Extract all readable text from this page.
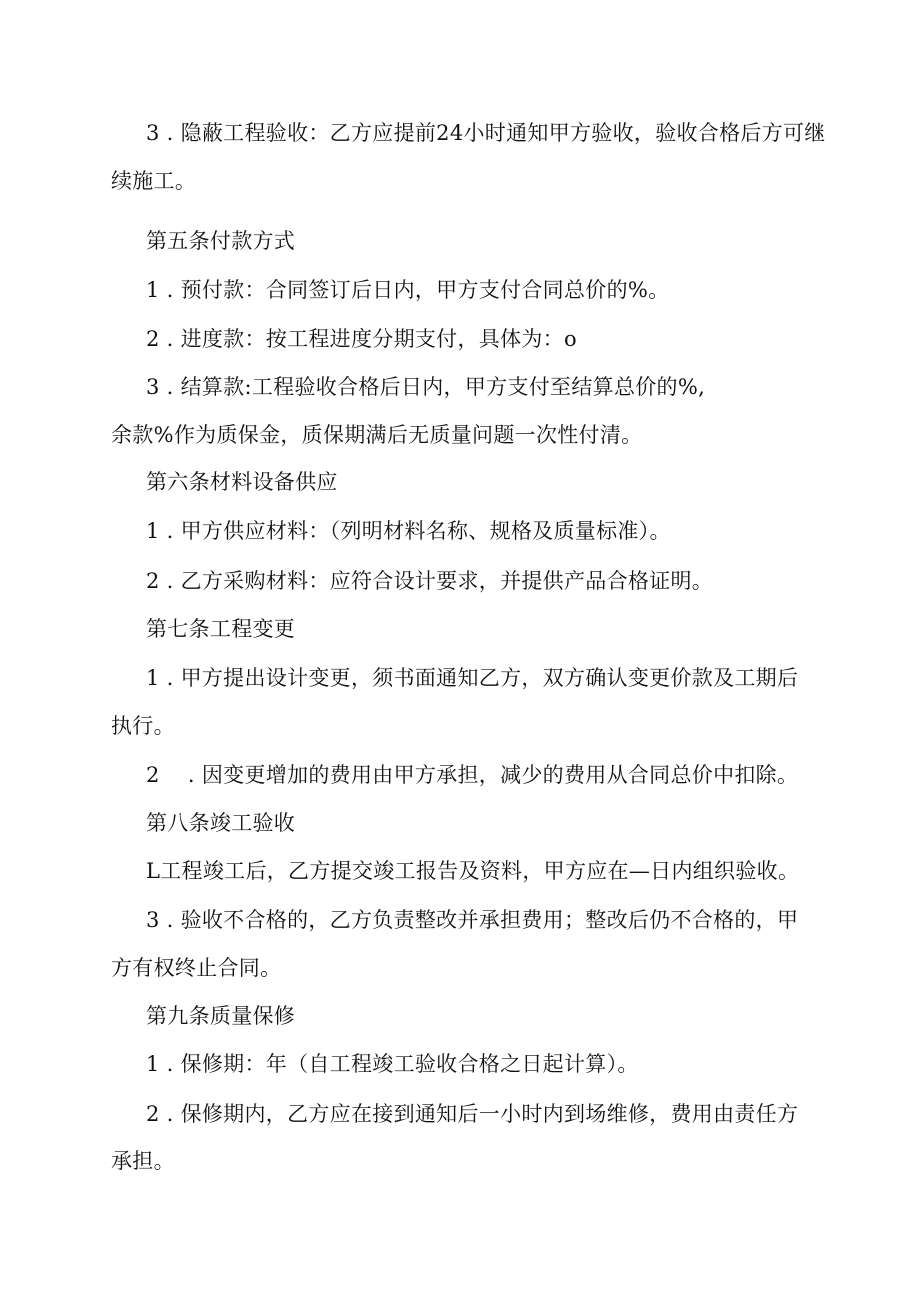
3 . 隐蔽工程验收：乙方应提前24小时通知甲方验收，验收合格后方可继
续施工。
第五条付款方式
1 . 预付款：合同签订后日内，甲方支付合同总价的%。
2 . 进度款：按工程进度分期支付，具体为：o
3 . 结算款:工程验收合格后日内，甲方支付至结算总价的%,
余款%作为质保金，质保期满后无质量问题一次性付清。
第六条材料设备供应
1 . 甲方供应材料：（列明材料名称、规格及质量标准）。
2 . 乙方采购材料：应符合设计要求，并提供产品合格证明。
第七条工程变更
1 . 甲方提出设计变更，须书面通知乙方，双方确认变更价款及工期后
执行。
2　 . 因变更增加的费用由甲方承担，减少的费用从合同总价中扣除。
第八条竣工验收
L工程竣工后，乙方提交竣工报告及资料，甲方应在—日内组织验收。
3 . 验收不合格的，乙方负责整改并承担费用；整改后仍不合格的，甲
方有权终止合同。
第九条质量保修
1 . 保修期：年（自工程竣工验收合格之日起计算）。
2 . 保修期内，乙方应在接到通知后一小时内到场维修，费用由责任方
承担。
